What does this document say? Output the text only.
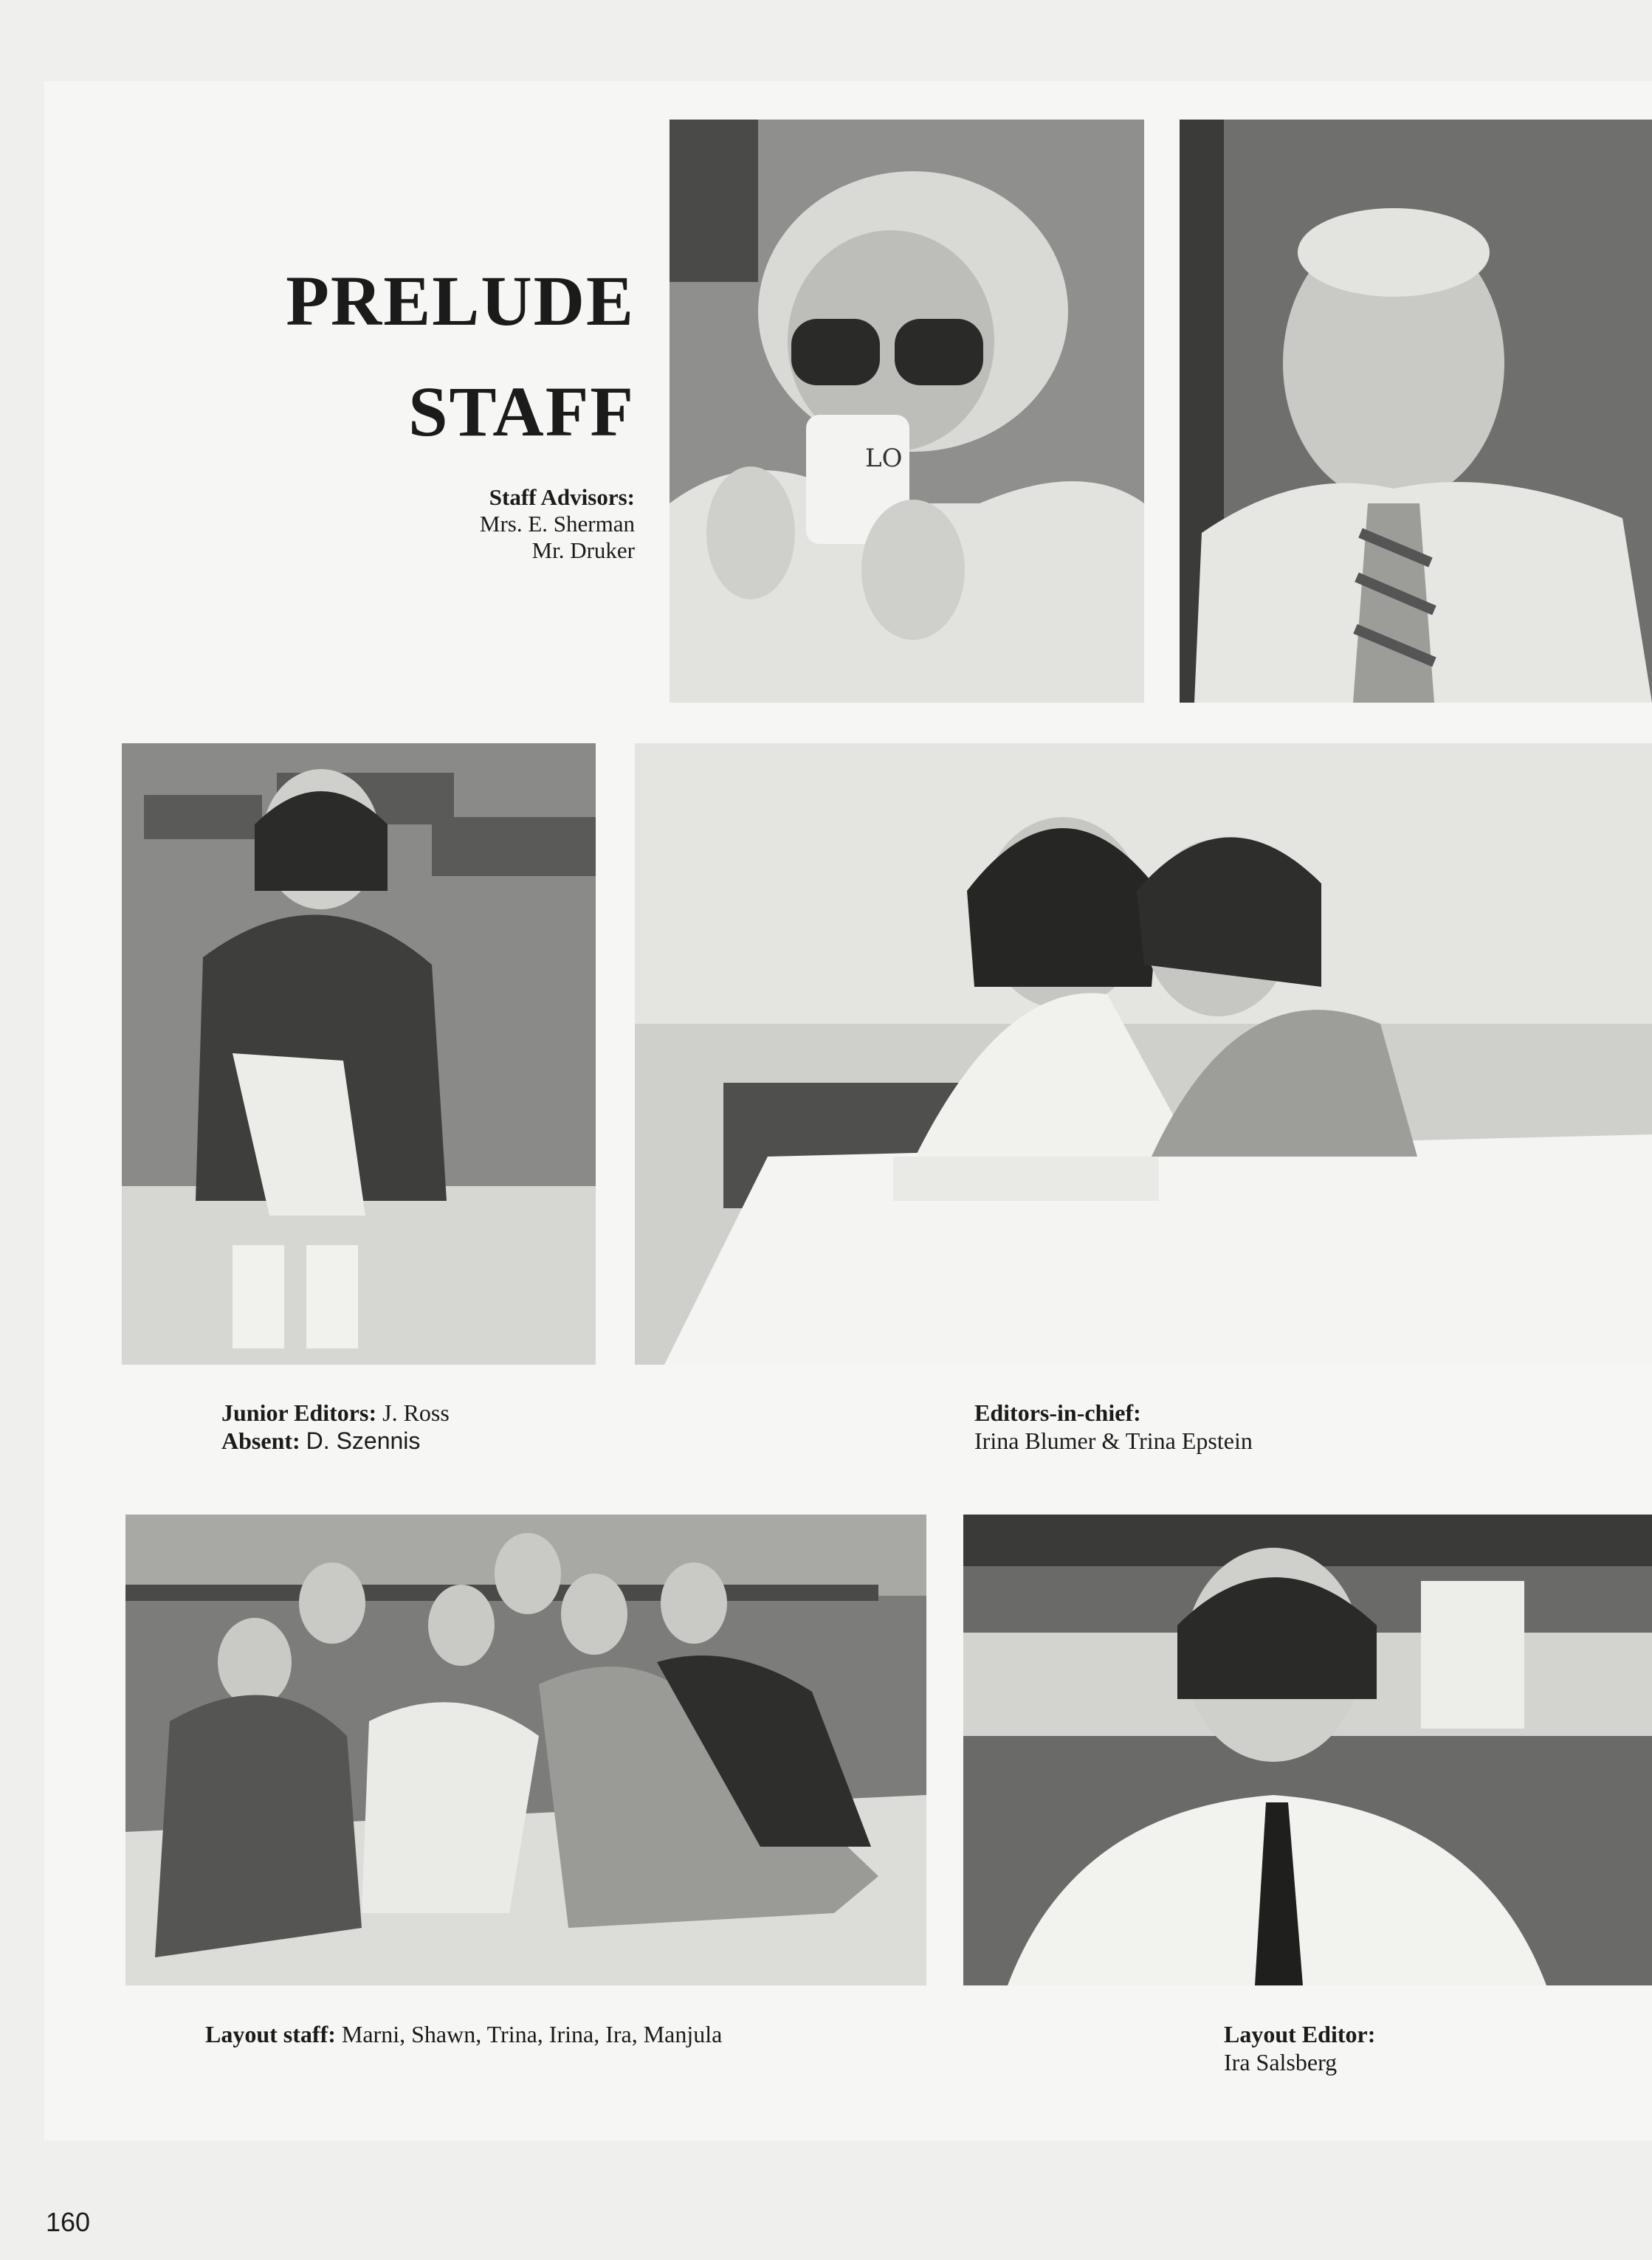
PRELUDE
STAFF
Staff Advisors:
Mrs. E. Sherman
Mr. Druker
LO
Junior Editors: J. Ross
Absent: D. Szennis
Editors-in-chief:
Irina Blumer & Trina Epstein
Layout staff: Marni, Shawn, Trina, Irina, Ira, Manjula	Layout Editor:
Ira Salsberg
160
